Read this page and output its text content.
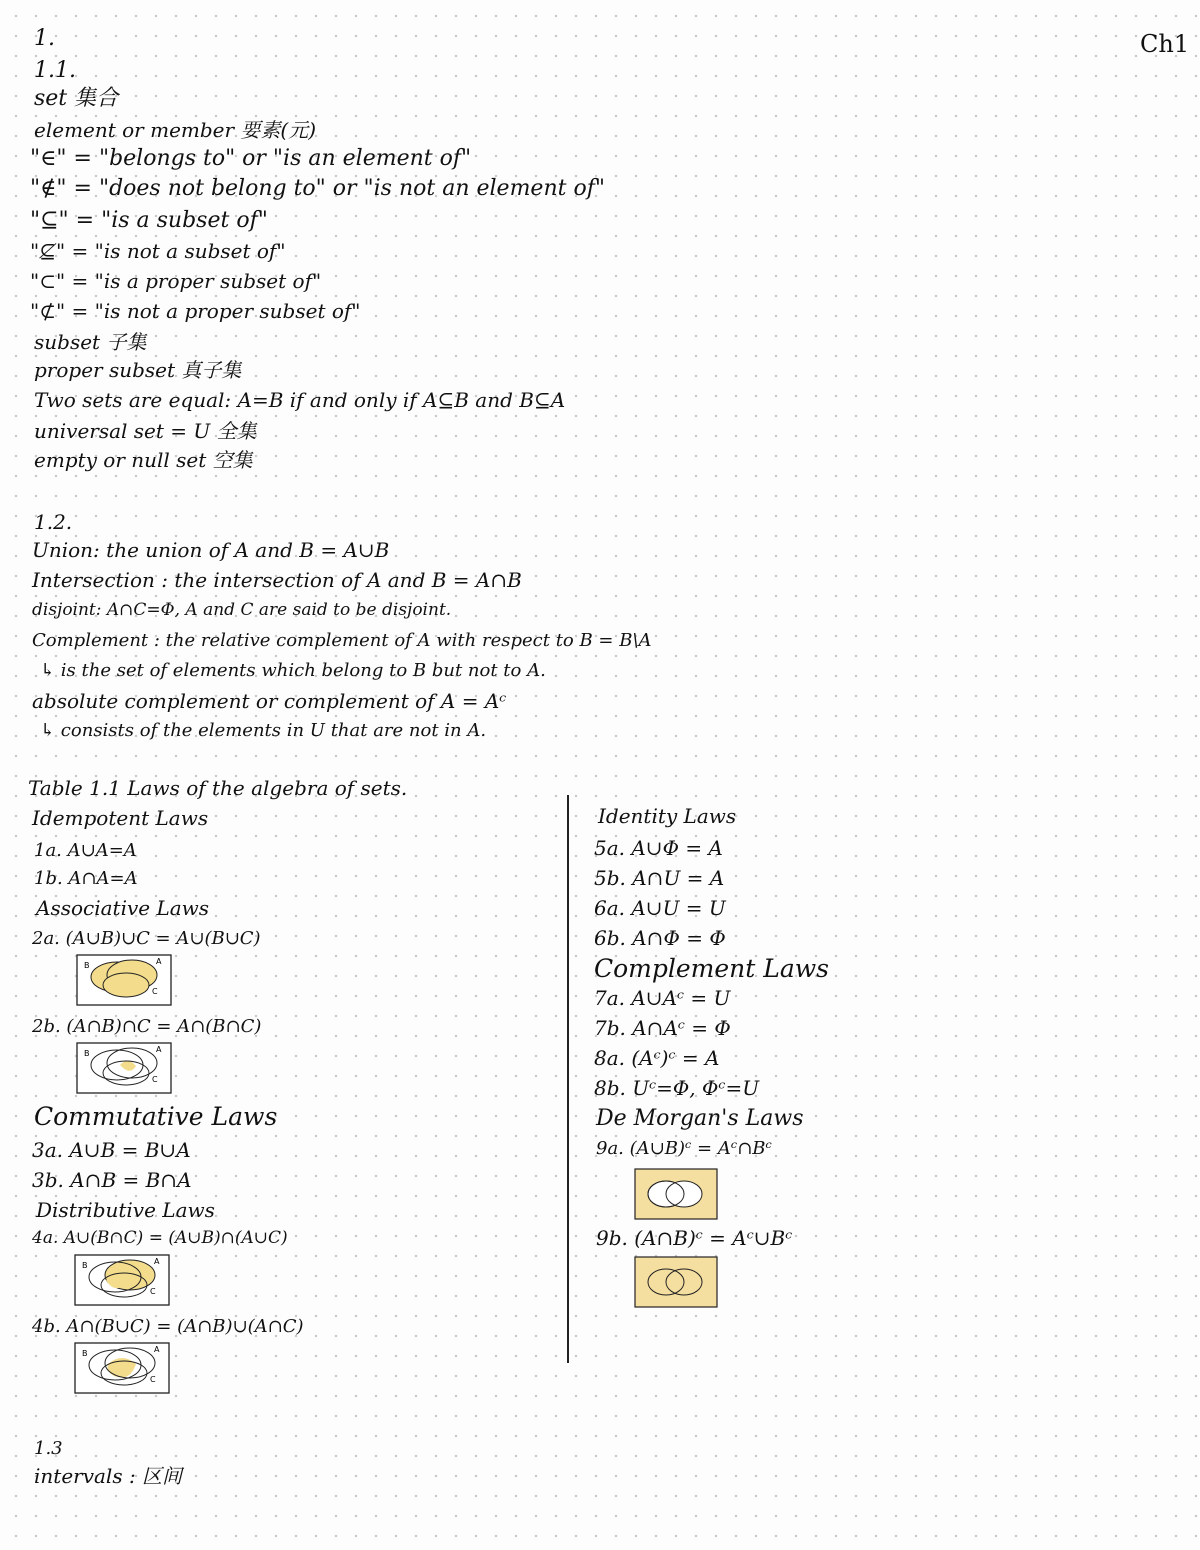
Ch1
1.
1.1.
set 集合
element or member 要素(元)
"∈" = "belongs to" or "is an element of"
"∉" = "does not belong to" or "is not an element of"
"⊆" = "is a subset of"
"⊈" = "is not a subset of"
"⊂" = "is a proper subset of"
"⊄" = "is not a proper subset of"
subset 子集
proper subset 真子集
Two sets are equal: A=B if and only if A⊆B and B⊆A
universal set = U 全集
empty or null set 空集
1.2.
Union: the union of A and B = A∪B
Intersection : the intersection of A and B = A∩B
disjoint: A∩C=Φ, A and C are said to be disjoint.
Complement : the relative complement of A with respect to B = B\A
↳ is the set of elements which belong to B but not to A.
absolute complement or complement of A = Aᶜ
↳ consists of the elements in U that are not in A.
Table 1.1 Laws of the algebra of sets.
Idempotent Laws
1a. A∪A=A
1b. A∩A=A
Associative Laws
2a. (A∪B)∪C = A∪(B∪C)
B	A
C
2b. (A∩B)∩C = A∩(B∩C)
B	A
C
Commutative Laws
3a. A∪B = B∪A
3b. A∩B = B∩A
Distributive Laws
4a. A∪(B∩C) = (A∪B)∩(A∪C)
B	A
C
4b. A∩(B∪C) = (A∩B)∪(A∩C)
B	A
C
Identity Laws
5a. A∪Φ = A
5b. A∩U = A
6a. A∪U = U
6b. A∩Φ = Φ
Complement Laws
7a. A∪Aᶜ = U
7b. A∩Aᶜ = Φ
8a. (Aᶜ)ᶜ = A
8b. Uᶜ=Φ, Φᶜ=U
De Morgan's Laws
9a. (A∪B)ᶜ = Aᶜ∩Bᶜ
9b. (A∩B)ᶜ = Aᶜ∪Bᶜ
1.3
intervals : 区间
